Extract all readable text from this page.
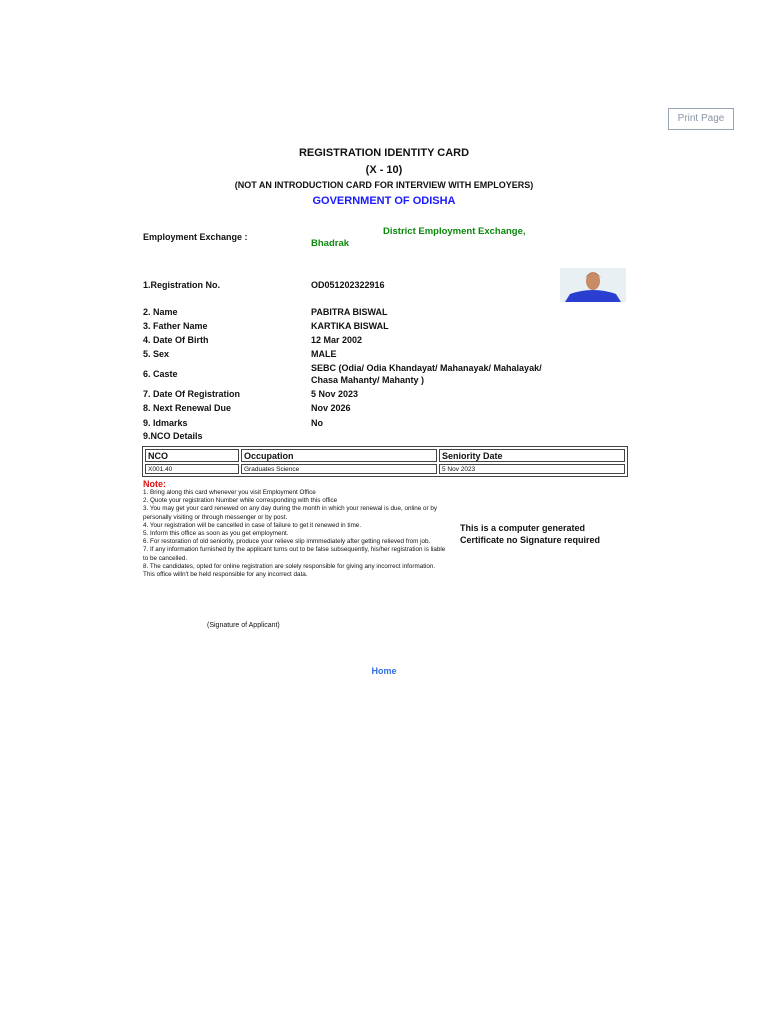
Print Page
REGISTRATION IDENTITY CARD
(X - 10)
(NOT AN INTRODUCTION CARD FOR INTERVIEW WITH EMPLOYERS)
GOVERNMENT OF ODISHA
Employment Exchange :	District Employment Exchange,
Bhadrak
1.Registration No.	OD051202322916
2. Name	PABITRA BISWAL
3. Father Name	KARTIKA BISWAL
4. Date Of Birth	12 Mar 2002
5. Sex	MALE
6. Caste
SEBC (Odia/ Odia Khandayat/ Mahanayak/ Mahalayak/
Chasa Mahanty/ Mahanty )
7. Date Of Registration	5 Nov 2023
8. Next Renewal Due	Nov 2026
9. Idmarks	No
9.NCO Details
NCO	Occupation	Seniority Date
X001.40	Graduates Science	5 Nov 2023
Note:
1. Bring along this card whenever you visit Employment Office
2. Quote your registration Number while corresponding with this office
3. You may get your card renewed on any day during the month in which your renewal is due, online or by personally visiting or through messenger or by post.
4. Your registration will be cancelled in case of failure to get it renewed in time.
5. Inform this office as soon as you get employment.
6. For restoration of old seniority, produce your relieve slip immmediately after getting relieved from job.
7. If any information furnished by the applicant turns out to be false subsequently, his/her registration is liable to be cancelled.
8. The candidates, opted for online registration are solely responsible for giving any incorrect information. This office willn't be held responsible for any incorrect data.
This is a computer generated
Certificate no Signature required
(Signature of Applicant)
Home
